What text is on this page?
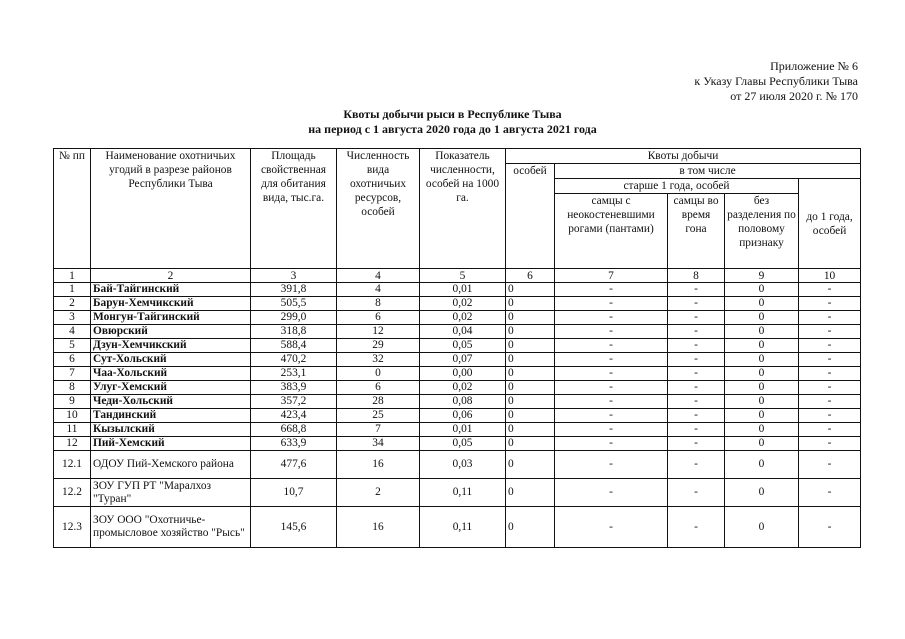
Приложение № 6
к Указу Главы Республики Тыва
от 27 июля 2020 г. № 170
Квоты добычи рыси в Республике Тыва
на период с 1 августа 2020 года до 1 августа 2021 года
№ пп	Наименование охотничьих угодий в разрезе районов Республики Тыва	Площадь свойственная для обитания вида, тыс.га.	Численность вида охотничьих ресурсов, особей	Показатель численности, особей на 1000 га.	Квоты добычи				
					особей	в том числе			
						старше 1 года, особей			до 1 года, особей
						самцы с неокостеневшими рогами (пантами)	самцы во время гона	без разделения по половому признаку	
1	2	3	4	5	6	7	8	9	10
1	Бай-Тайгинский	391,8	4	0,01	0	-	-	0	-
2	Барун-Хемчикский	505,5	8	0,02	0	-	-	0	-
3	Монгун-Тайгинский	299,0	6	0,02	0	-	-	0	-
4	Овюрский	318,8	12	0,04	0	-	-	0	-
5	Дзун-Хемчикский	588,4	29	0,05	0	-	-	0	-
6	Сут-Хольский	470,2	32	0,07	0	-	-	0	-
7	Чаа-Хольский	253,1	0	0,00	0	-	-	0	-
8	Улуг-Хемский	383,9	6	0,02	0	-	-	0	-
9	Чеди-Хольский	357,2	28	0,08	0	-	-	0	-
10	Тандинский	423,4	25	0,06	0	-	-	0	-
11	Кызылский	668,8	7	0,01	0	-	-	0	-
12	Пий-Хемский	633,9	34	0,05	0	-	-	0	-
12.1	ОДОУ Пий-Хемского района	477,6	16	0,03	0	-	-	0	-
12.2	ЗОУ ГУП РТ "Маралхоз "Туран"	10,7	2	0,11	0	-	-	0	-
12.3	ЗОУ ООО "Охотничье-промысловое хозяйство "Рысь"	145,6	16	0,11	0	-	-	0	-
